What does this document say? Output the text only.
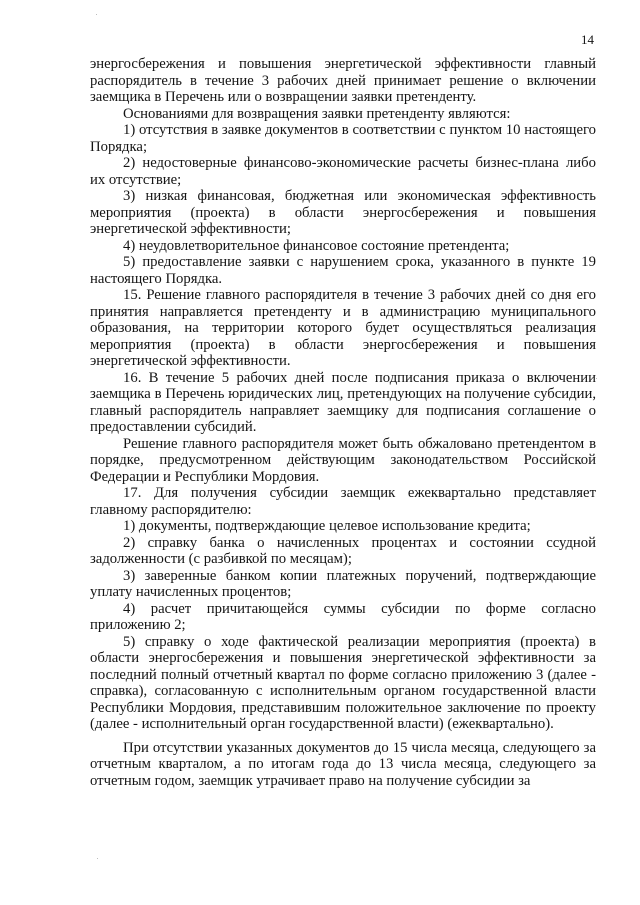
14

энергосбережения и повышения энергетической эффективности главный распорядитель в течение 3 рабочих дней принимает решение о включении заемщика в Перечень или о возвращении заявки претенденту.

Основаниями для возвращения заявки претенденту являются:

1) отсутствия в заявке документов в соответствии с пунктом 10 настоящего Порядка;

2) недостоверные финансово-экономические расчеты бизнес-плана либо их отсутствие;

3) низкая финансовая, бюджетная или экономическая эффективность мероприятия (проекта) в области энергосбережения и повышения энергетической эффективности;

4) неудовлетворительное финансовое состояние претендента;

5) предоставление заявки с нарушением срока, указанного в пункте 19 настоящего Порядка.

15. Решение главного распорядителя в течение 3 рабочих дней со дня его принятия направляется претенденту и в администрацию муниципального образования, на территории которого будет осуществляться реализация мероприятия (проекта) в области энергосбережения и повышения энергетической эффективности.

16. В течение 5 рабочих дней после подписания приказа о включении заемщика в Перечень юридических лиц, претендующих на получение субсидии, главный распорядитель направляет заемщику для подписания соглашение о предоставлении субсидий.

Решение главного распорядителя может быть обжаловано претендентом в порядке, предусмотренном действующим законодательством Российской Федерации и Республики Мордовия.

17. Для получения субсидии заемщик ежеквартально представляет главному распорядителю:

1) документы, подтверждающие целевое использование кредита;

2) справку банка о начисленных процентах и состоянии ссудной задолженности (с разбивкой по месяцам);

3) заверенные банком копии платежных поручений, подтверждающие уплату начисленных процентов;

4) расчет причитающейся суммы субсидии по форме согласно приложению 2;

5) справку о ходе фактической реализации мероприятия (проекта) в области энергосбережения и повышения энергетической эффективности за последний полный отчетный квартал по форме согласно приложению 3 (далее - справка), согласованную с исполнительным органом государственной власти Республики Мордовия, представившим положительное заключение по проекту (далее - исполнительный орган государственной власти) (ежеквартально).

При отсутствии указанных документов до 15 числа месяца, следующего за отчетным кварталом, а по итогам года до 13 числа месяца, следующего за отчетным годом, заемщик утрачивает право на получение субсидии за
